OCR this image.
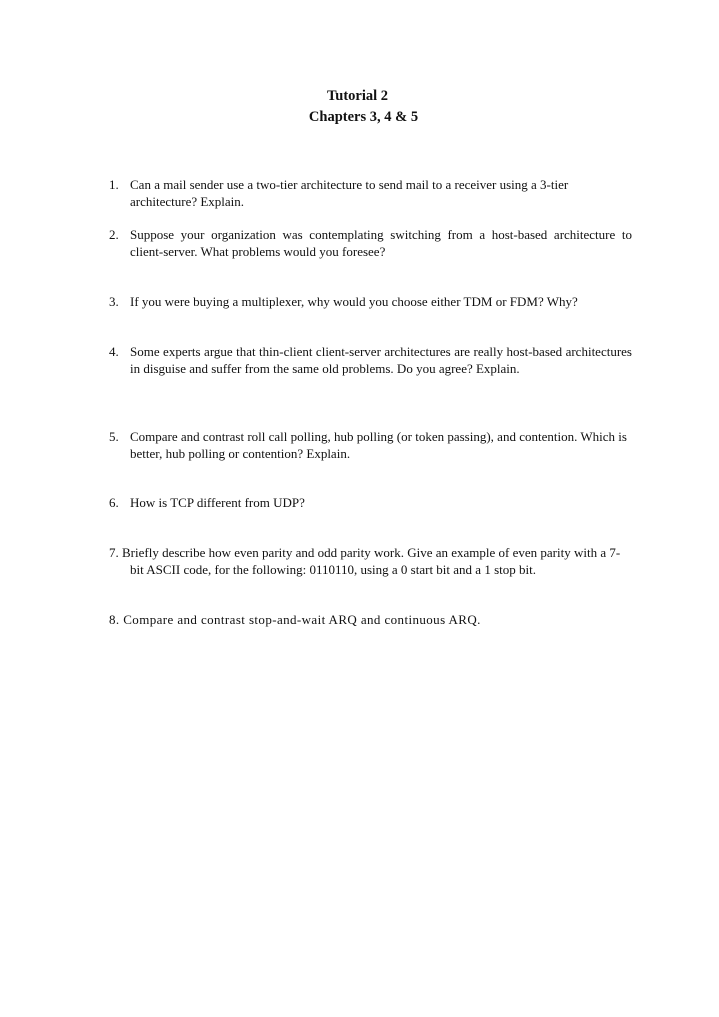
Tutorial 2
Chapters 3, 4 & 5
1. Can a mail sender use a two-tier architecture to send mail to a receiver using a 3-tier architecture? Explain.
2. Suppose your organization was contemplating switching from a host-based architecture to client-server. What problems would you foresee?
3. If you were buying a multiplexer, why would you choose either TDM or FDM? Why?
4. Some experts argue that thin-client client-server architectures are really host-based architectures in disguise and suffer from the same old problems. Do you agree? Explain.
5. Compare and contrast roll call polling, hub polling (or token passing), and contention. Which is better, hub polling or contention? Explain.
6. How is TCP different from UDP?
7. Briefly describe how even parity and odd parity work. Give an example of even parity with a 7-bit ASCII code, for the following: 0110110, using a 0 start bit and a 1 stop bit.
8. Compare and contrast stop-and-wait ARQ and continuous ARQ.
